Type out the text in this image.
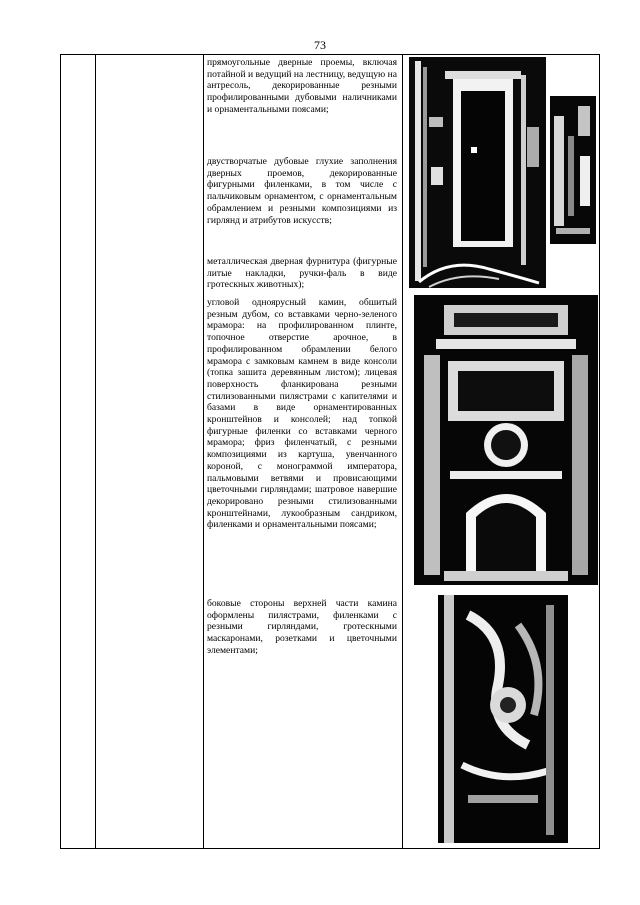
73
прямоугольные дверные проемы, включая потайной и ведущий на лестницу, ведущую на антресоль, декорированные резными профилированными дубовыми наличниками и орнаментальными поясами;
двустворчатые дубовые глухие заполнения дверных проемов, декорированные фигурными филенками, в том числе с пальчиковым орнаментом, с орнаментальным обрамлением и резными композициями из гирлянд и атрибутов искусств;
металлическая дверная фурнитура (фигурные литые накладки, ручки-фаль в виде гротескных животных);
угловой одноярусный камин, обшитый резным дубом, со вставками черно-зеленого мрамора: на профилированном плинте, топочное отверстие арочное, в профилированном обрамлении белого мрамора с замковым камнем в виде консоли (топка зашита деревянным листом); лицевая поверхность фланкирована резными стилизованными пилястрами с капителями и базами в виде орнаментированных кронштейнов и консолей; над топкой фигурные филенки со вставками черного мрамора; фриз филенчатый, с резными композициями из картуша, увенчанного короной, с монограммой императора, пальмовыми ветвями и провисающими цветочными гирляндами; шатровое навершие декорировано резными стилизованными кронштейнами, лукообразным сандриком, филенками и орнаментальными поясами;
боковые стороны верхней части камина оформлены пилястрами, филенками с резными гирляндами, гротескными маскаронами, розетками и цветочными элементами;
